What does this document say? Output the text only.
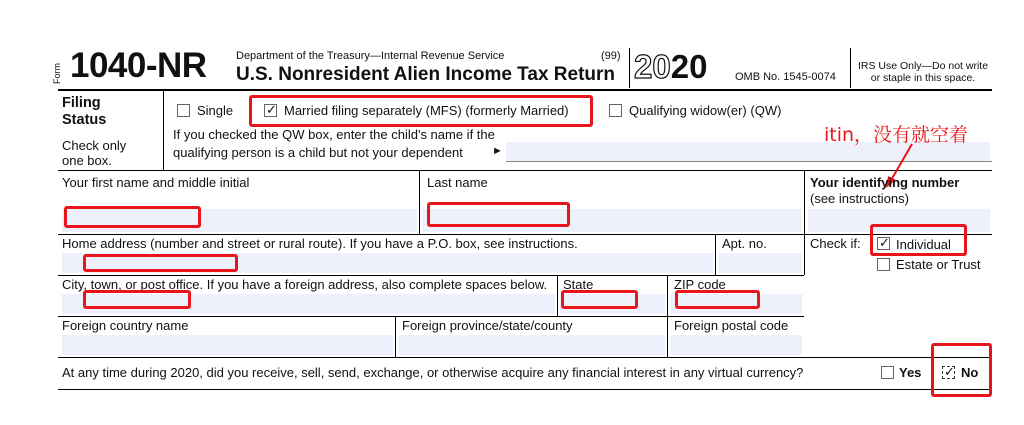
Form 1040-NR	Department of the Treasury—Internal Revenue Service	(99)
U.S. Nonresident Alien Income Tax Return 2020	OMB No. 1545-0074
IRS Use Only—Do not write
or staple in this space.
Filing
Status
Check only
one box.
Single ✓	Married filing separately (MFS) (formerly Married)	Qualifying widow(er) (QW)
If you checked the QW box, enter the child's name if the
qualifying person is a child but not your dependent	►
itin，没有就空着
Your first name and middle initial	Last name	Your identifying number
(see instructions)
Home address (number and street or rural route). If you have a P.O. box, see instructions.	Apt. no.	Check if: ✓	Individual
Estate or Trust
City, town, or post office. If you have a foreign address, also complete spaces below. State	ZIP code
Foreign country name	Foreign province/state/county	Foreign postal code
At any time during 2020, did you receive, sell, send, exchange, or otherwise acquire any financial interest in any virtual currency?	Yes ✓	No
